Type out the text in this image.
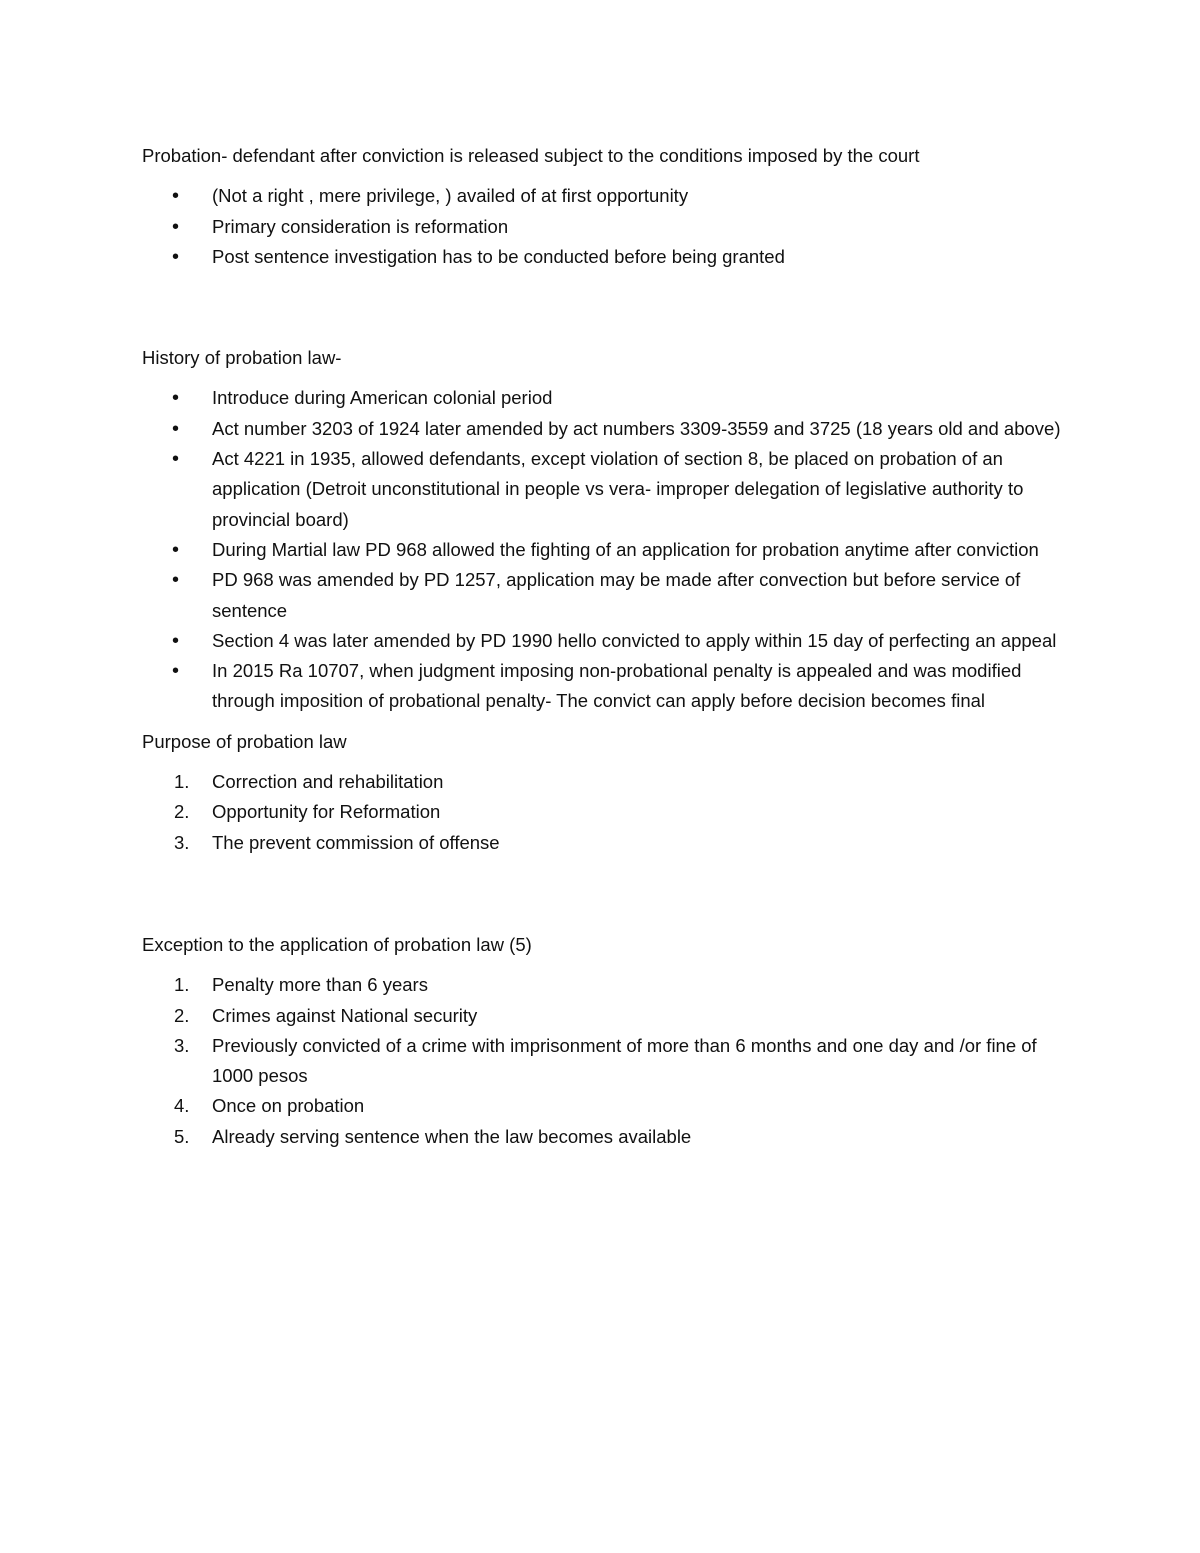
Probation- defendant after conviction is released subject to the conditions imposed by the court

• (Not a right , mere privilege, ) availed of at first opportunity
• Primary consideration is reformation
• Post sentence investigation has to be conducted before being granted

History of probation law-

• Introduce during American colonial period
• Act number 3203 of 1924 later amended by act numbers 3309-3559 and 3725 (18 years old and above)
• Act 4221 in 1935, allowed defendants, except violation of section 8, be placed on probation of an application (Detroit unconstitutional in people vs vera- improper delegation of legislative authority to provincial board)
• During Martial law PD 968 allowed the fighting of an application for probation anytime after conviction
• PD 968 was amended by PD 1257, application may be made after convection but before service of sentence
• Section 4 was later amended by PD 1990 hello convicted to apply within 15 day of perfecting an appeal
• In 2015 Ra 10707, when judgment imposing non-probational penalty is appealed and was modified through imposition of probational penalty- The convict can apply before decision becomes final

Purpose of probation law

1. Correction and rehabilitation
2. Opportunity for Reformation
3. The prevent commission of offense

Exception to the application of probation law (5)

1. Penalty more than 6 years
2. Crimes against National security
3. Previously convicted of a crime with imprisonment of more than 6 months and one day and /or fine of 1000 pesos
4. Once on probation
5. Already serving sentence when the law becomes available
